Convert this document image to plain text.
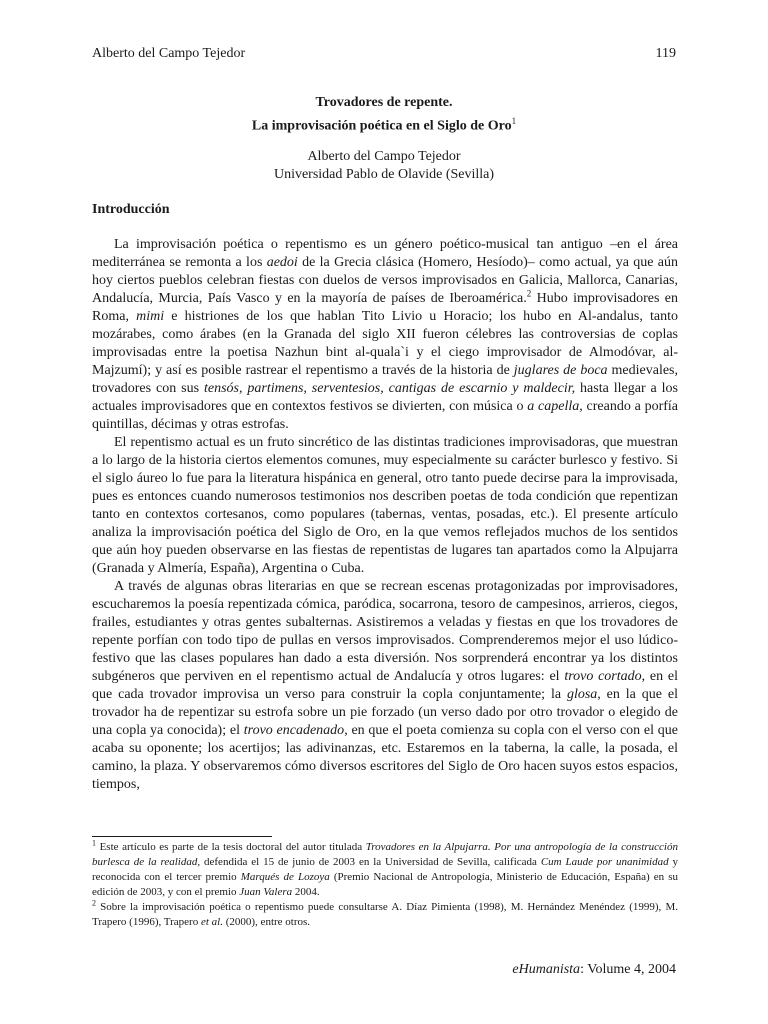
Alberto del Campo Tejedor	119
Trovadores de repente.
La improvisación poética en el Siglo de Oro$^1$
Alberto del Campo Tejedor
Universidad Pablo de Olavide (Sevilla)
Introducción

La improvisación poética o repentismo es un género poético-musical tan antiguo –en el área mediterránea se remonta a los aedoi de la Grecia clásica (Homero, Hesíodo)– como actual, ya que aún hoy ciertos pueblos celebran fiestas con duelos de versos improvisados en Galicia, Mallorca, Canarias, Andalucía, Murcia, País Vasco y en la mayoría de países de Iberoamérica.$^2$ Hubo improvisadores en Roma, mimi e histriones de los que hablan Tito Livio u Horacio; los hubo en Al-andalus, tanto mozárabes, como árabes (en la Granada del siglo XII fueron célebres las controversias de coplas improvisadas entre la poetisa Nazhun bint al-quala`i y el ciego improvisador de Almodóvar, al-Majzumí); y así es posible rastrear el repentismo a través de la historia de juglares de boca medievales, trovadores con sus tensós, partimens, serventesios, cantigas de escarnio y maldecir, hasta llegar a los actuales improvisadores que en contextos festivos se divierten, con música o a capella, creando a porfía quintillas, décimas y otras estrofas.

El repentismo actual es un fruto sincrético de las distintas tradiciones improvisadoras, que muestran a lo largo de la historia ciertos elementos comunes, muy especialmente su carácter burlesco y festivo. Si el siglo áureo lo fue para la literatura hispánica en general, otro tanto puede decirse para la improvisada, pues es entonces cuando numerosos testimonios nos describen poetas de toda condición que repentizan tanto en contextos cortesanos, como populares (tabernas, ventas, posadas, etc.). El presente artículo analiza la improvisación poética del Siglo de Oro, en la que vemos reflejados muchos de los sentidos que aún hoy pueden observarse en las fiestas de repentistas de lugares tan apartados como la Alpujarra (Granada y Almería, España), Argentina o Cuba.

A través de algunas obras literarias en que se recrean escenas protagonizadas por improvisadores, escucharemos la poesía repentizada cómica, paródica, socarrona, tesoro de campesinos, arrieros, ciegos, frailes, estudiantes y otras gentes subalternas. Asistiremos a veladas y fiestas en que los trovadores de repente porfían con todo tipo de pullas en versos improvisados. Comprenderemos mejor el uso lúdico-festivo que las clases populares han dado a esta diversión. Nos sorprenderá encontrar ya los distintos subgéneros que perviven en el repentismo actual de Andalucía y otros lugares: el trovo cortado, en el que cada trovador improvisa un verso para construir la copla conjuntamente; la glosa, en la que el trovador ha de repentizar su estrofa sobre un pie forzado (un verso dado por otro trovador o elegido de una copla ya conocida); el trovo encadenado, en que el poeta comienza su copla con el verso con el que acaba su oponente; los acertijos; las adivinanzas, etc. Estaremos en la taberna, la calle, la posada, el camino, la plaza. Y observaremos cómo diversos escritores del Siglo de Oro hacen suyos estos espacios, tiempos,

$^1$ Este artículo es parte de la tesis doctoral del autor titulada Trovadores en la Alpujarra. Por una antropología de la construcción burlesca de la realidad, defendida el 15 de junio de 2003 en la Universidad de Sevilla, calificada Cum Laude por unanimidad y reconocida con el tercer premio Marqués de Lozoya (Premio Nacional de Antropología, Ministerio de Educación, España) en su edición de 2003, y con el premio Juan Valera 2004.

$^2$ Sobre la improvisación poética o repentismo puede consultarse A. Díaz Pimienta (1998), M. Hernández Menéndez (1999), M. Trapero (1996), Trapero et al. (2000), entre otros.

eHumanista: Volume 4, 2004
